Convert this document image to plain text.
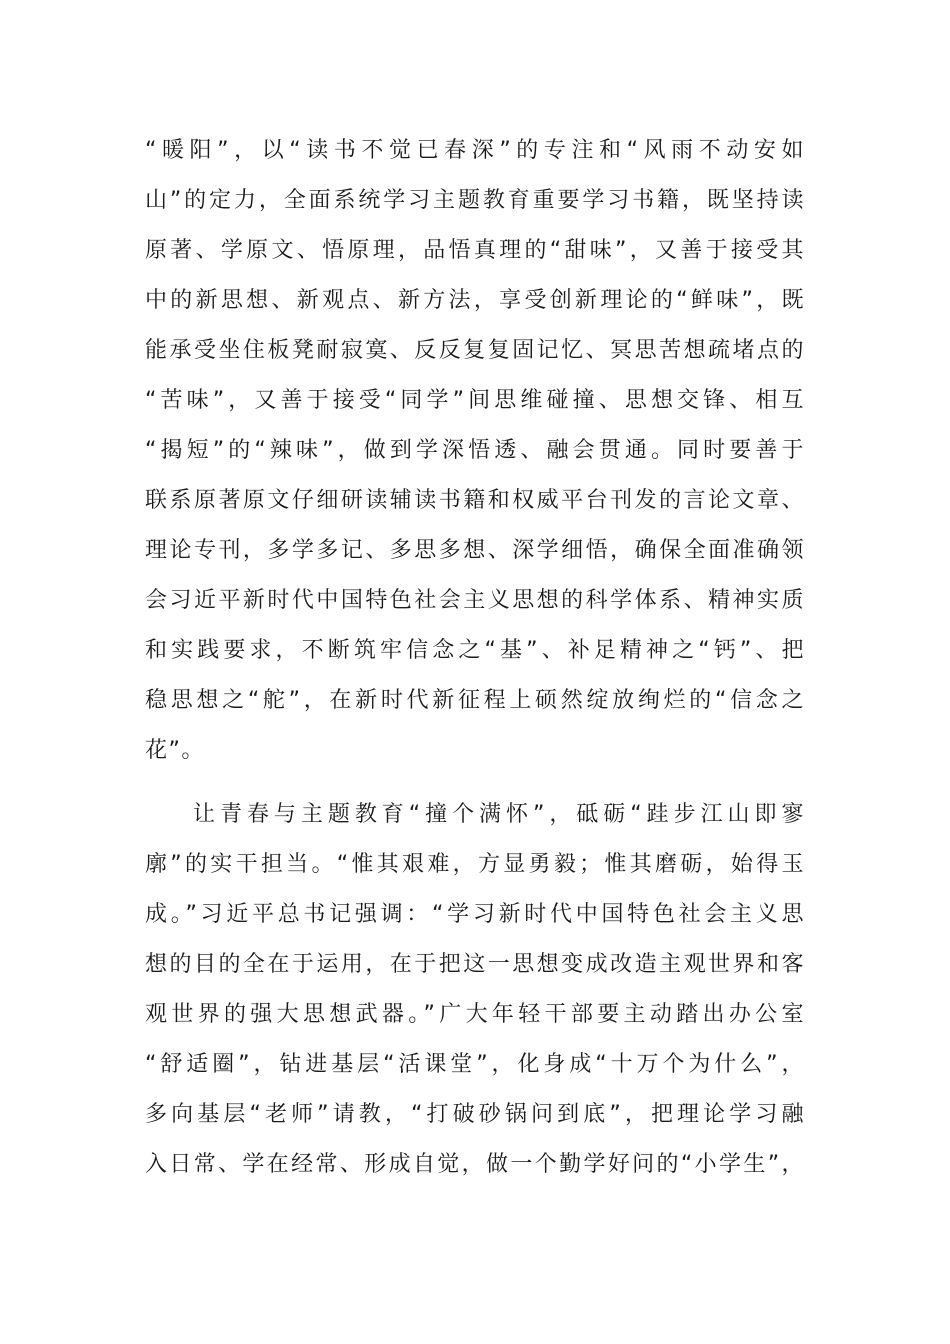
“暖阳”，以“读书不觉已春深”的专注和“风雨不动安如
山”的定力，全面系统学习主题教育重要学习书籍，既坚持读
原著、学原文、悟原理，品悟真理的“甜味”，又善于接受其
中的新思想、新观点、新方法，享受创新理论的“鲜味”，既
能承受坐住板凳耐寂寞、反反复复固记忆、冥思苦想疏堵点的
“苦味”，又善于接受“同学”间思维碰撞、思想交锋、相互
“揭短”的“辣味”，做到学深悟透、融会贯通。同时要善于
联系原著原文仔细研读辅读书籍和权威平台刊发的言论文章、
理论专刊，多学多记、多思多想、深学细悟，确保全面准确领
会习近平新时代中国特色社会主义思想的科学体系、精神实质
和实践要求，不断筑牢信念之“基”、补足精神之“钙”、把
稳思想之“舵”，在新时代新征程上硕然绽放绚烂的“信念之
花”。
让青春与主题教育“撞个满怀”，砥砺“跬步江山即寥
廓”的实干担当。“惟其艰难，方显勇毅；惟其磨砺，始得玉
成。”习近平总书记强调：“学习新时代中国特色社会主义思
想的目的全在于运用，在于把这一思想变成改造主观世界和客
观世界的强大思想武器。”广大年轻干部要主动踏出办公室
“舒适圈”，钻进基层“活课堂”，化身成“十万个为什么”，
多向基层“老师”请教，“打破砂锅问到底”，把理论学习融
入日常、学在经常、形成自觉，做一个勤学好问的“小学生”，
